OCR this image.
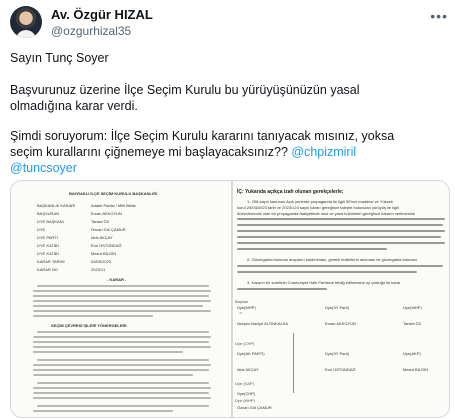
Av. Özgür HIZAL
@ozgurhizal35
•••

Sayın Tunç Soyer

Başvurunuz üzerine İlçe Seçim Kurulu bu yürüyüşünüzün yasal

olmadığına karar verdi.

Şimdi soruyorum: İlçe Seçim Kurulu kararını tanıyacak mısınız, yoksa

seçim kurallarını çiğnemeye mi başlayacaksınız?? @chpizmiril

@tuncsoyer

BAYRAKLI İLÇE SEÇİM KURULU BAŞKANLIĞI
BAŞKANLIK KARARI	Adalet Partisi / Millî İttifak
BAŞVURAN	Ercan AKKOYUN
ÜYE BAŞKANI	Tansel ÖZ
ÜYE	Özcan Gül ÇAMUR
ÜYE PARTİ	İdris AKÇAY
ÜYE KATİBİ	Erol ÜSTÜNDAĞ
ÜYE KATİBİ	Mesut BİLGİN
KARAR TARİHİ	03/05/2023
KARAR NO	2023/11
- KARAR -
SEÇİM ÇEVRESİ İŞLERİ YÖNERGELERİ
İÇ: Yukarıda açıkça izah olunan gerekçelerle;
1- 298 sayılı kanunun Açık yerlerde propaganda ile ilgili 50'inci maddesi ve Yüksek
kurul 25/03/2023 tarih ve 2023/124 sayılı kararı gereğince talepte bulunulan yürüyüş ile ilgili
düzenlenecek olan bir propaganda faaliyetinde usul ve yasa hükümleri gereğince kararın verilmesine
2- Güzergahta bulunan araçların kaldırılması, gerekli tedbirlerin alınması ve güzergahta bulunan
3- Kararın bir suretinin Cumhuriyet Halk Partisine tebliğ edilmesine oy çokluğu ile karar
Üye(MHP)	Üye(İYİ Parti)	Üye(MHP)
~
Nurşen Naciye ALTINKALKA	Ercan AKKOYUN	Tansel ÖZ
Üye(AK PARTİ)	Üye(İYİ Parti)	Üye(AKP)
İdris AKÇAY	Erol ÜSTÜNDAĞ	Mesut BİLGİN
Üye(CHP)
Özcan Gül ÇAMUR
Başkan
Üye (CHP)
Üye (SAP)
Üye (MHP)
